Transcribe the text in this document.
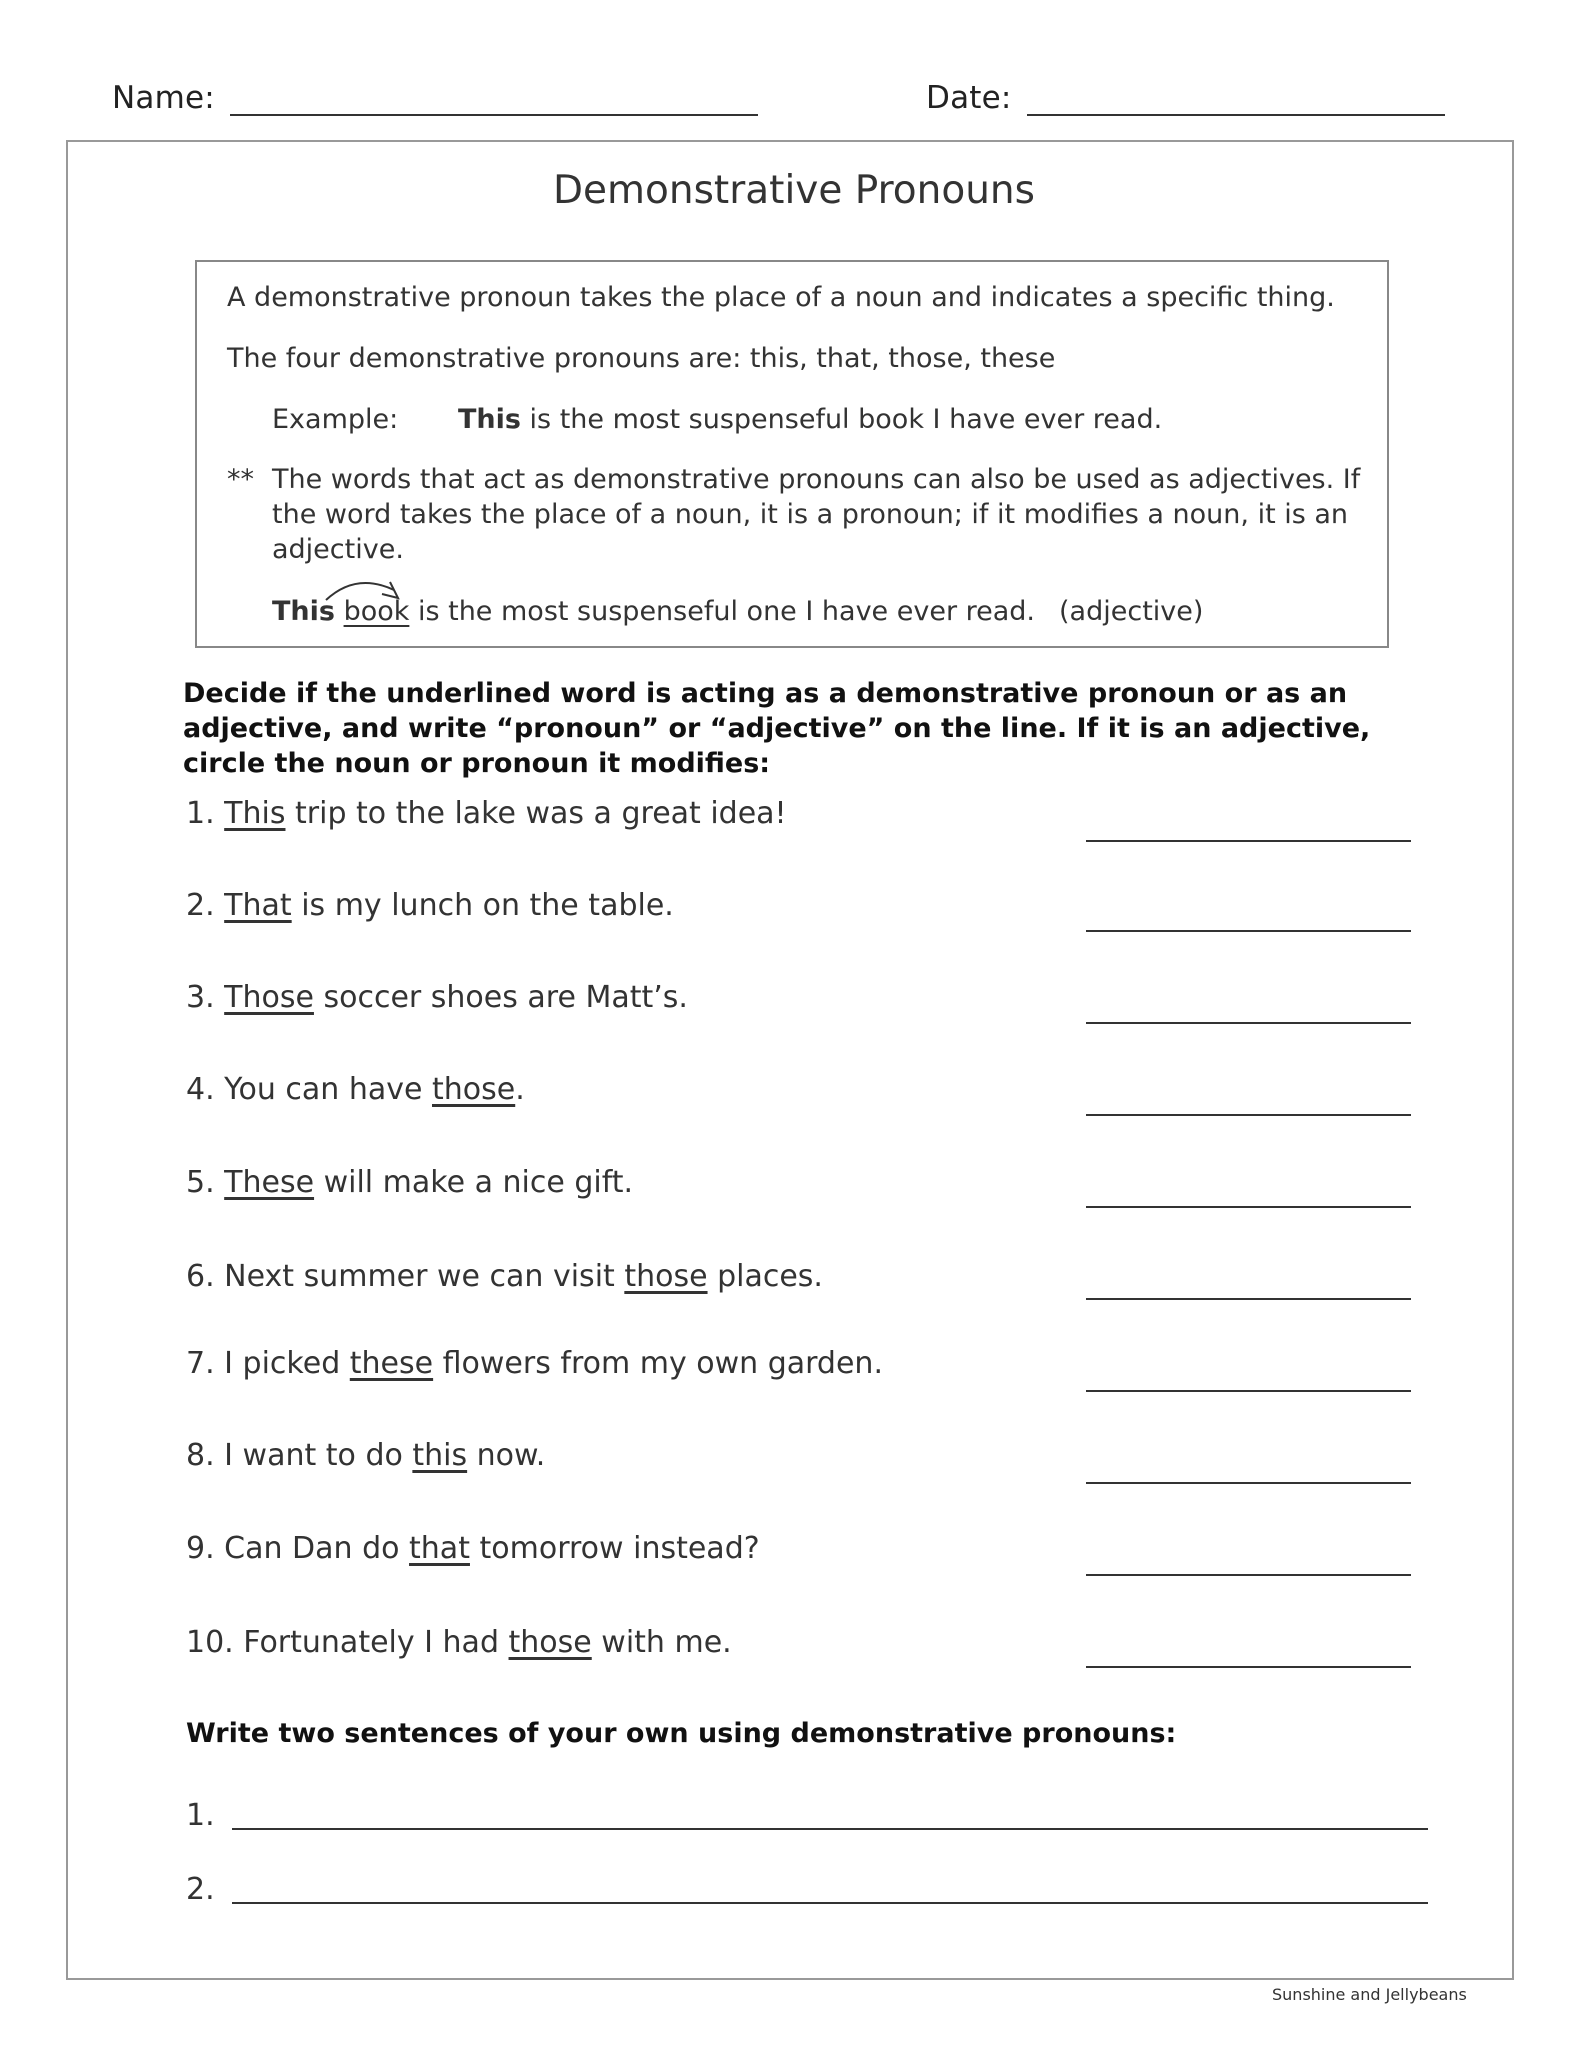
Name:	Date:
Demonstrative Pronouns
A demonstrative pronoun takes the place of a noun and indicates a specific thing.
The four demonstrative pronouns are: this, that, those, these
Example: This is the most suspenseful book I have ever read.
** The words that act as demonstrative pronouns can also be used as adjectives. If the word takes the place of a noun, it is a pronoun; if it modifies a noun, it is an adjective.
This book is the most suspenseful one I have ever read. (adjective)
Decide if the underlined word is acting as a demonstrative pronoun or as an adjective, and write “pronoun” or “adjective” on the line. If it is an adjective, circle the noun or pronoun it modifies:
1. This trip to the lake was a great idea!
2. That is my lunch on the table.
3. Those soccer shoes are Matt’s.
4. You can have those.
5. These will make a nice gift.
6. Next summer we can visit those places.
7. I picked these flowers from my own garden.
8. I want to do this now.
9. Can Dan do that tomorrow instead?
10. Fortunately I had those with me.
Write two sentences of your own using demonstrative pronouns:
1.
2.
Sunshine and Jellybeans
